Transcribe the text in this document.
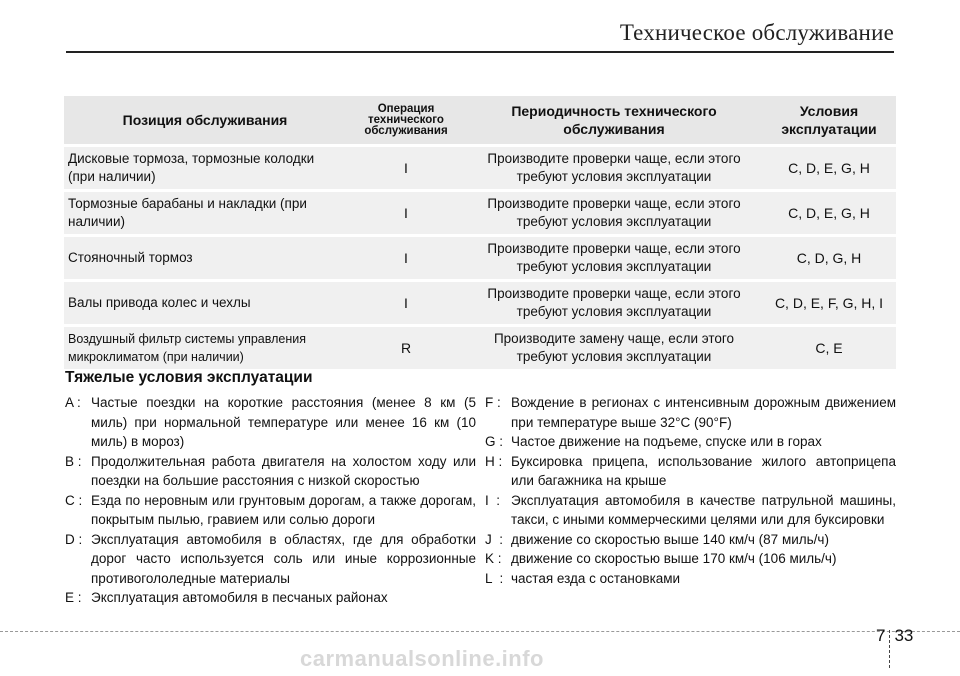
Техническое обслуживание
Позиция обслуживания	Операция технического обслуживания	Периодичность технического обслуживания	Условия эксплуатации
Дисковые тормоза, тормозные колодки (при наличии)	I	Производите проверки чаще, если этого требуют условия эксплуатации	C, D, E, G, H
Тормозные барабаны и накладки (при наличии)	I	Производите проверки чаще, если этого требуют условия эксплуатации	C, D, E, G, H
Стояночный тормоз	I	Производите проверки чаще, если этого требуют условия эксплуатации	C, D, G, H
Валы привода колес и чехлы	I	Производите проверки чаще, если этого требуют условия эксплуатации	C, D, E, F, G, H, I
Воздушный фильтр системы управления микроклиматом (при наличии)	R	Производите замену чаще, если этого требуют условия эксплуатации	C, E
Тяжелые условия эксплуатации
A : Частые поездки на короткие расстояния (менее 8 км (5 миль) при нормальной температуре или менее 16 км (10 миль) в мороз)
B : Продолжительная работа двигателя на холостом ходу или поездки на большие расстояния с низкой скоростью
C : Езда по неровным или грунтовым дорогам, а также дорогам, покрытым пылью, гравием или солью дороги
D : Эксплуатация автомобиля в областях, где для обработки дорог часто используется соль или иные коррозионные противогололедные материалы
E : Эксплуатация автомобиля в песчаных районах
F : Вождение в регионах с интенсивным дорожным движением при температуре выше 32°C (90°F)
G : Частое движение на подъеме, спуске или в горах
H : Буксировка прицепа, использование жилого автоприцепа или багажника на крыше
I  : Эксплуатация автомобиля в качестве патрульной машины, такси, с иными коммерческими целями или для буксировки
J  : движение со скоростью выше 140 км/ч (87 миль/ч)
K : движение со скоростью выше 170 км/ч (106 миль/ч)
L  : частая езда с остановками
7 33
carmanualsonline.info
